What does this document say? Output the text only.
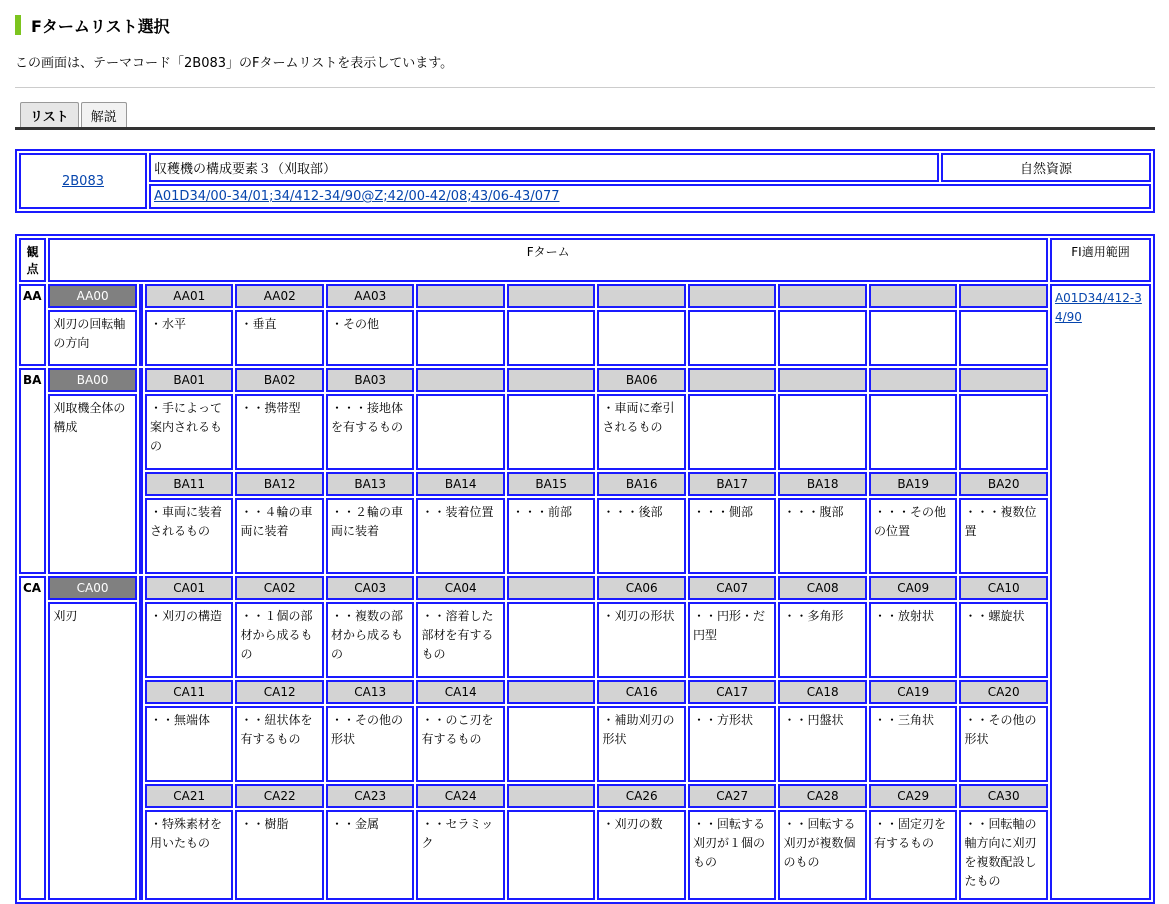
Fタームリスト選択
この画面は、テーマコード「2B083」のFタームリストを表示しています。
リスト	解説
2B083	収穫機の構成要素３（刈取部）	自然資源
A01D34/00-34/01;34/412-34/90@Z;42/00-42/08;43/06-43/077
観点	Fターム												FI適用範囲
AA	AA00		AA01	AA02	AA03								A01D34/412-34/90
	刈刃の回転軸の方向		・水平	・垂直	・その他								
BA	BA00		BA01	BA02	BA03			BA06					
	刈取機全体の構成		・手によって案内されるもの	・・携帯型	・・・接地体を有するもの			・車両に牽引されるもの					
			BA11	BA12	BA13	BA14	BA15	BA16	BA17	BA18	BA19	BA20	
			・車両に装着されるもの	・・４輪の車両に装着	・・２輪の車両に装着	・・装着位置	・・・前部	・・・後部	・・・側部	・・・腹部	・・・その他の位置	・・・複数位置	
CA	CA00		CA01	CA02	CA03	CA04		CA06	CA07	CA08	CA09	CA10	
	刈刃		・刈刃の構造	・・１個の部材から成るもの	・・複数の部材から成るもの	・・溶着した部材を有するもの		・刈刃の形状	・・円形・だ円型	・・多角形	・・放射状	・・螺旋状	
			CA11	CA12	CA13	CA14		CA16	CA17	CA18	CA19	CA20	
			・・無端体	・・紐状体を有するもの	・・その他の形状	・・のこ刃を有するもの		・補助刈刃の形状	・・方形状	・・円盤状	・・三角状	・・その他の形状	
			CA21	CA22	CA23	CA24		CA26	CA27	CA28	CA29	CA30	
			・特殊素材を用いたもの	・・樹脂	・・金属	・・セラミック		・刈刃の数	・・回転する刈刃が１個のもの	・・回転する刈刃が複数個のもの	・・固定刃を有するもの	・・回転軸の軸方向に刈刃を複数配設したもの	
